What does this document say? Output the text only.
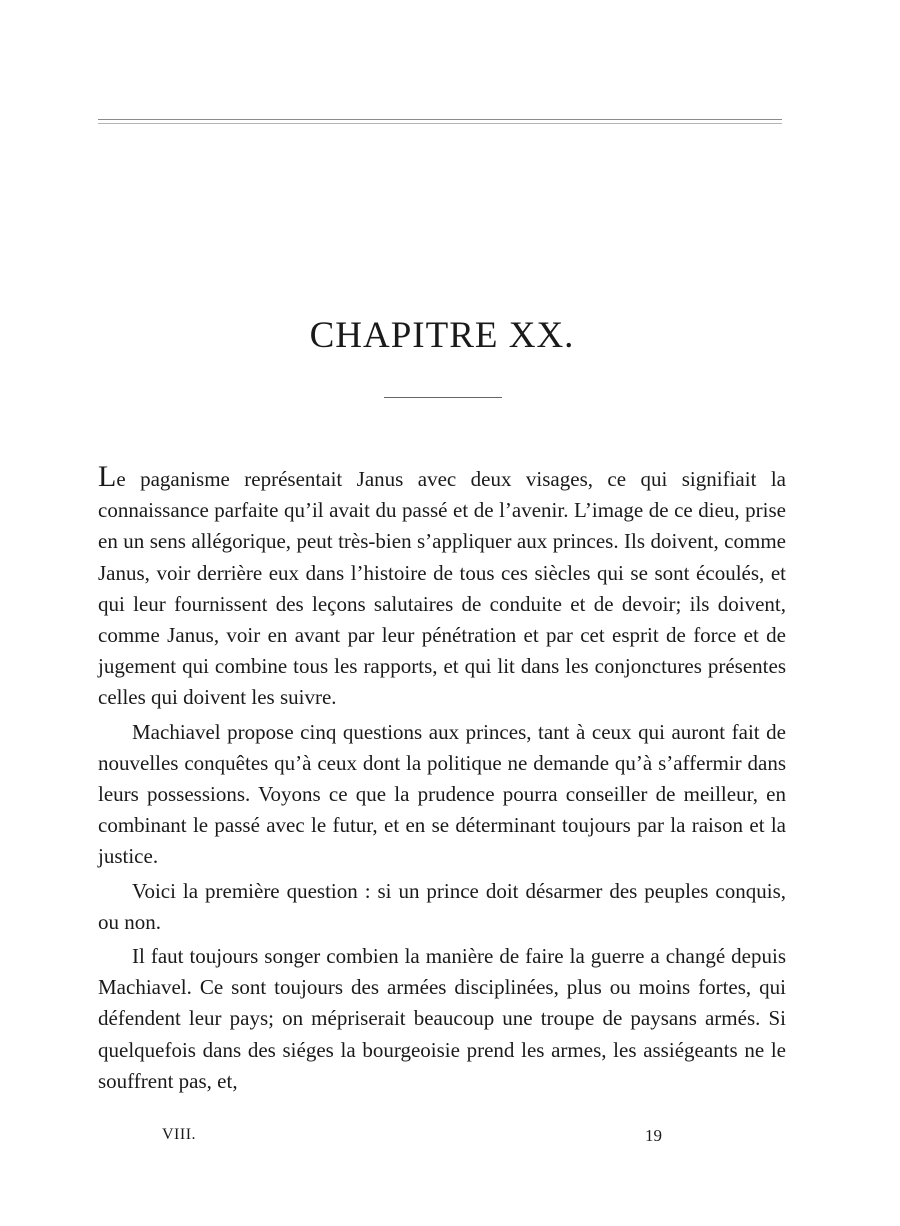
CHAPITRE XX.

Le paganisme représentait Janus avec deux visages, ce qui signifiait la connaissance parfaite qu’il avait du passé et de l’avenir. L’image de ce dieu, prise en un sens allégorique, peut très-bien s’appliquer aux princes. Ils doivent, comme Janus, voir derrière eux dans l’histoire de tous ces siècles qui se sont écoulés, et qui leur fournissent des leçons salutaires de conduite et de devoir; ils doivent, comme Janus, voir en avant par leur pénétration et par cet esprit de force et de jugement qui combine tous les rapports, et qui lit dans les conjonctures présentes celles qui doivent les suivre.

Machiavel propose cinq questions aux princes, tant à ceux qui auront fait de nouvelles conquêtes qu’à ceux dont la politique ne demande qu’à s’affermir dans leurs possessions. Voyons ce que la prudence pourra conseiller de meilleur, en combinant le passé avec le futur, et en se déterminant toujours par la raison et la justice.

Voici la première question : si un prince doit désarmer des peuples conquis, ou non.

Il faut toujours songer combien la manière de faire la guerre a changé depuis Machiavel. Ce sont toujours des armées disciplinées, plus ou moins fortes, qui défendent leur pays; on mépriserait beaucoup une troupe de paysans armés. Si quelquefois dans des siéges la bourgeoisie prend les armes, les assiégeants ne le souffrent pas, et,

VIII.	19
